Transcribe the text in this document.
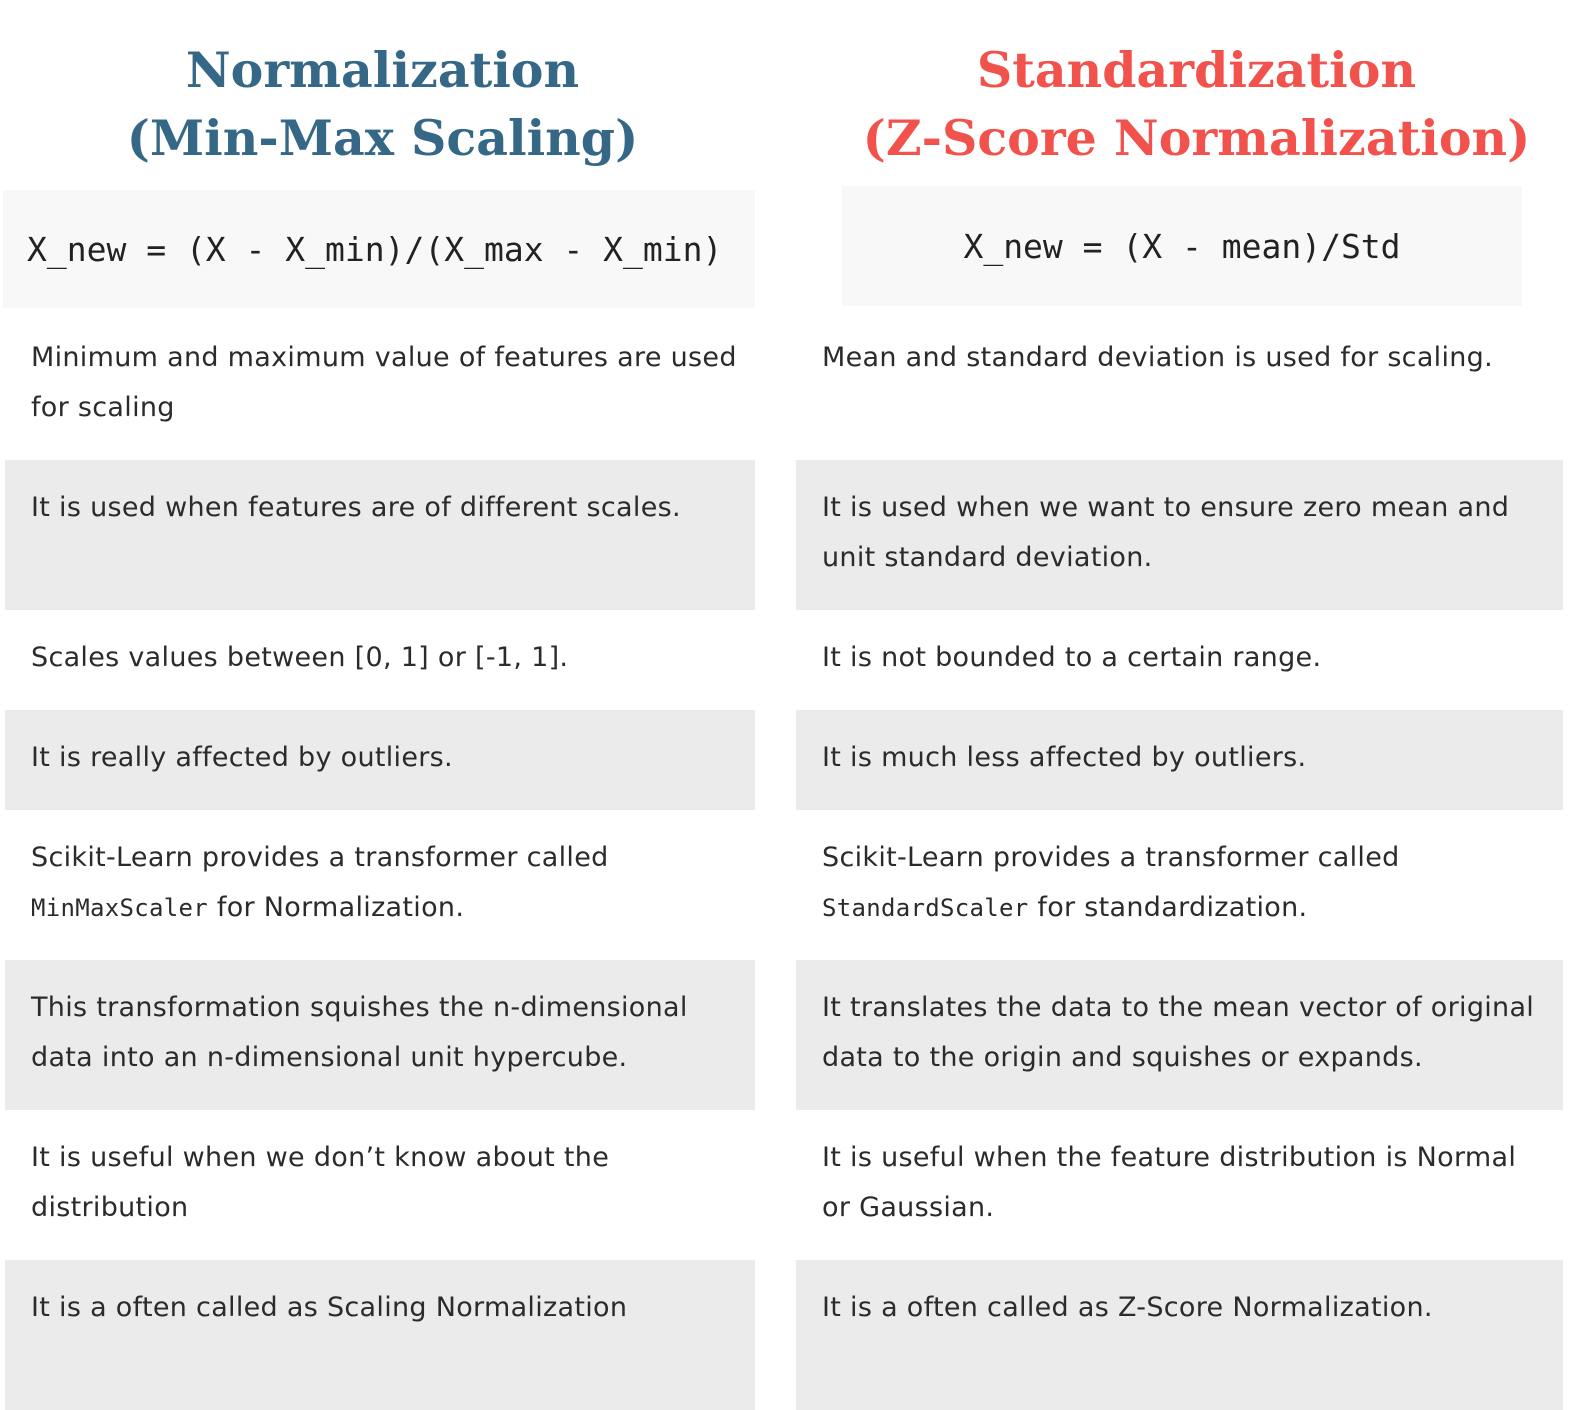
Normalization
(Min-Max Scaling)
Standardization
(Z-Score Normalization)
X_new = (X - X_min)/(X_max - X_min)	X_new = (X - mean)/Std
Minimum and maximum value of features are used for scaling
It is used when features are of different scales.
Scales values between [0, 1] or [-1, 1].
It is really affected by outliers.
Scikit-Learn provides a transformer called MinMaxScaler for Normalization.
This transformation squishes the n-dimensional data into an n-dimensional unit hypercube.
It is useful when we don’t know about the distribution
It is a often called as Scaling Normalization
Mean and standard deviation is used for scaling.
It is used when we want to ensure zero mean and unit standard deviation.
It is not bounded to a certain range.
It is much less affected by outliers.
Scikit-Learn provides a transformer called StandardScaler for standardization.
It translates the data to the mean vector of original data to the origin and squishes or expands.
It is useful when the feature distribution is Normal or Gaussian.
It is a often called as Z-Score Normalization.
